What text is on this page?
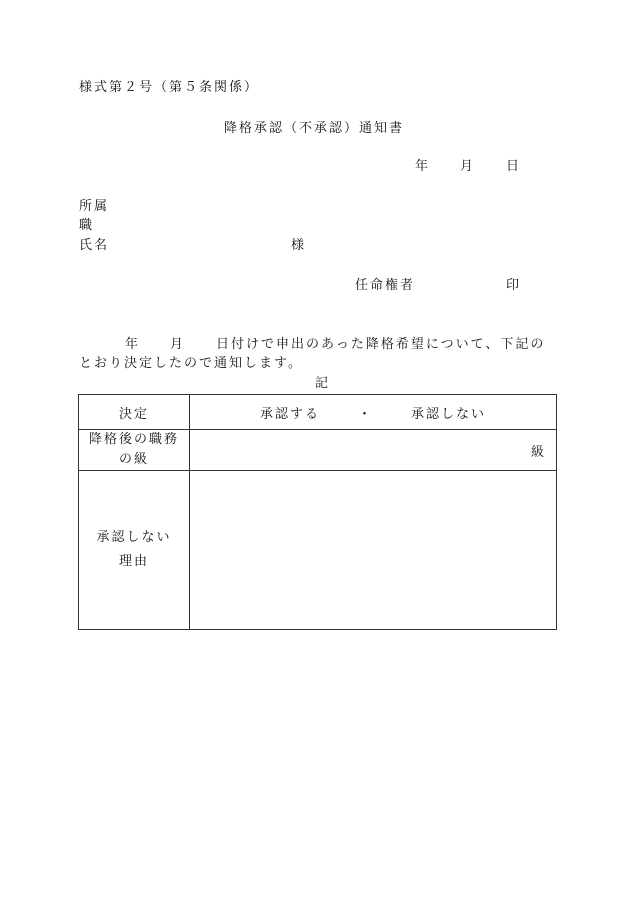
様式第２号（第５条関係）
降格承認（不承認）通知書
年 月 日
所属
職
氏名	様
任命権者	印
年 月 日付けで申出のあった降格希望について、下記の
とおり決定したので通知します。
記
決定	承認する ・ 承認しない

降格後の職務
の級	級

承認しない
理由	
